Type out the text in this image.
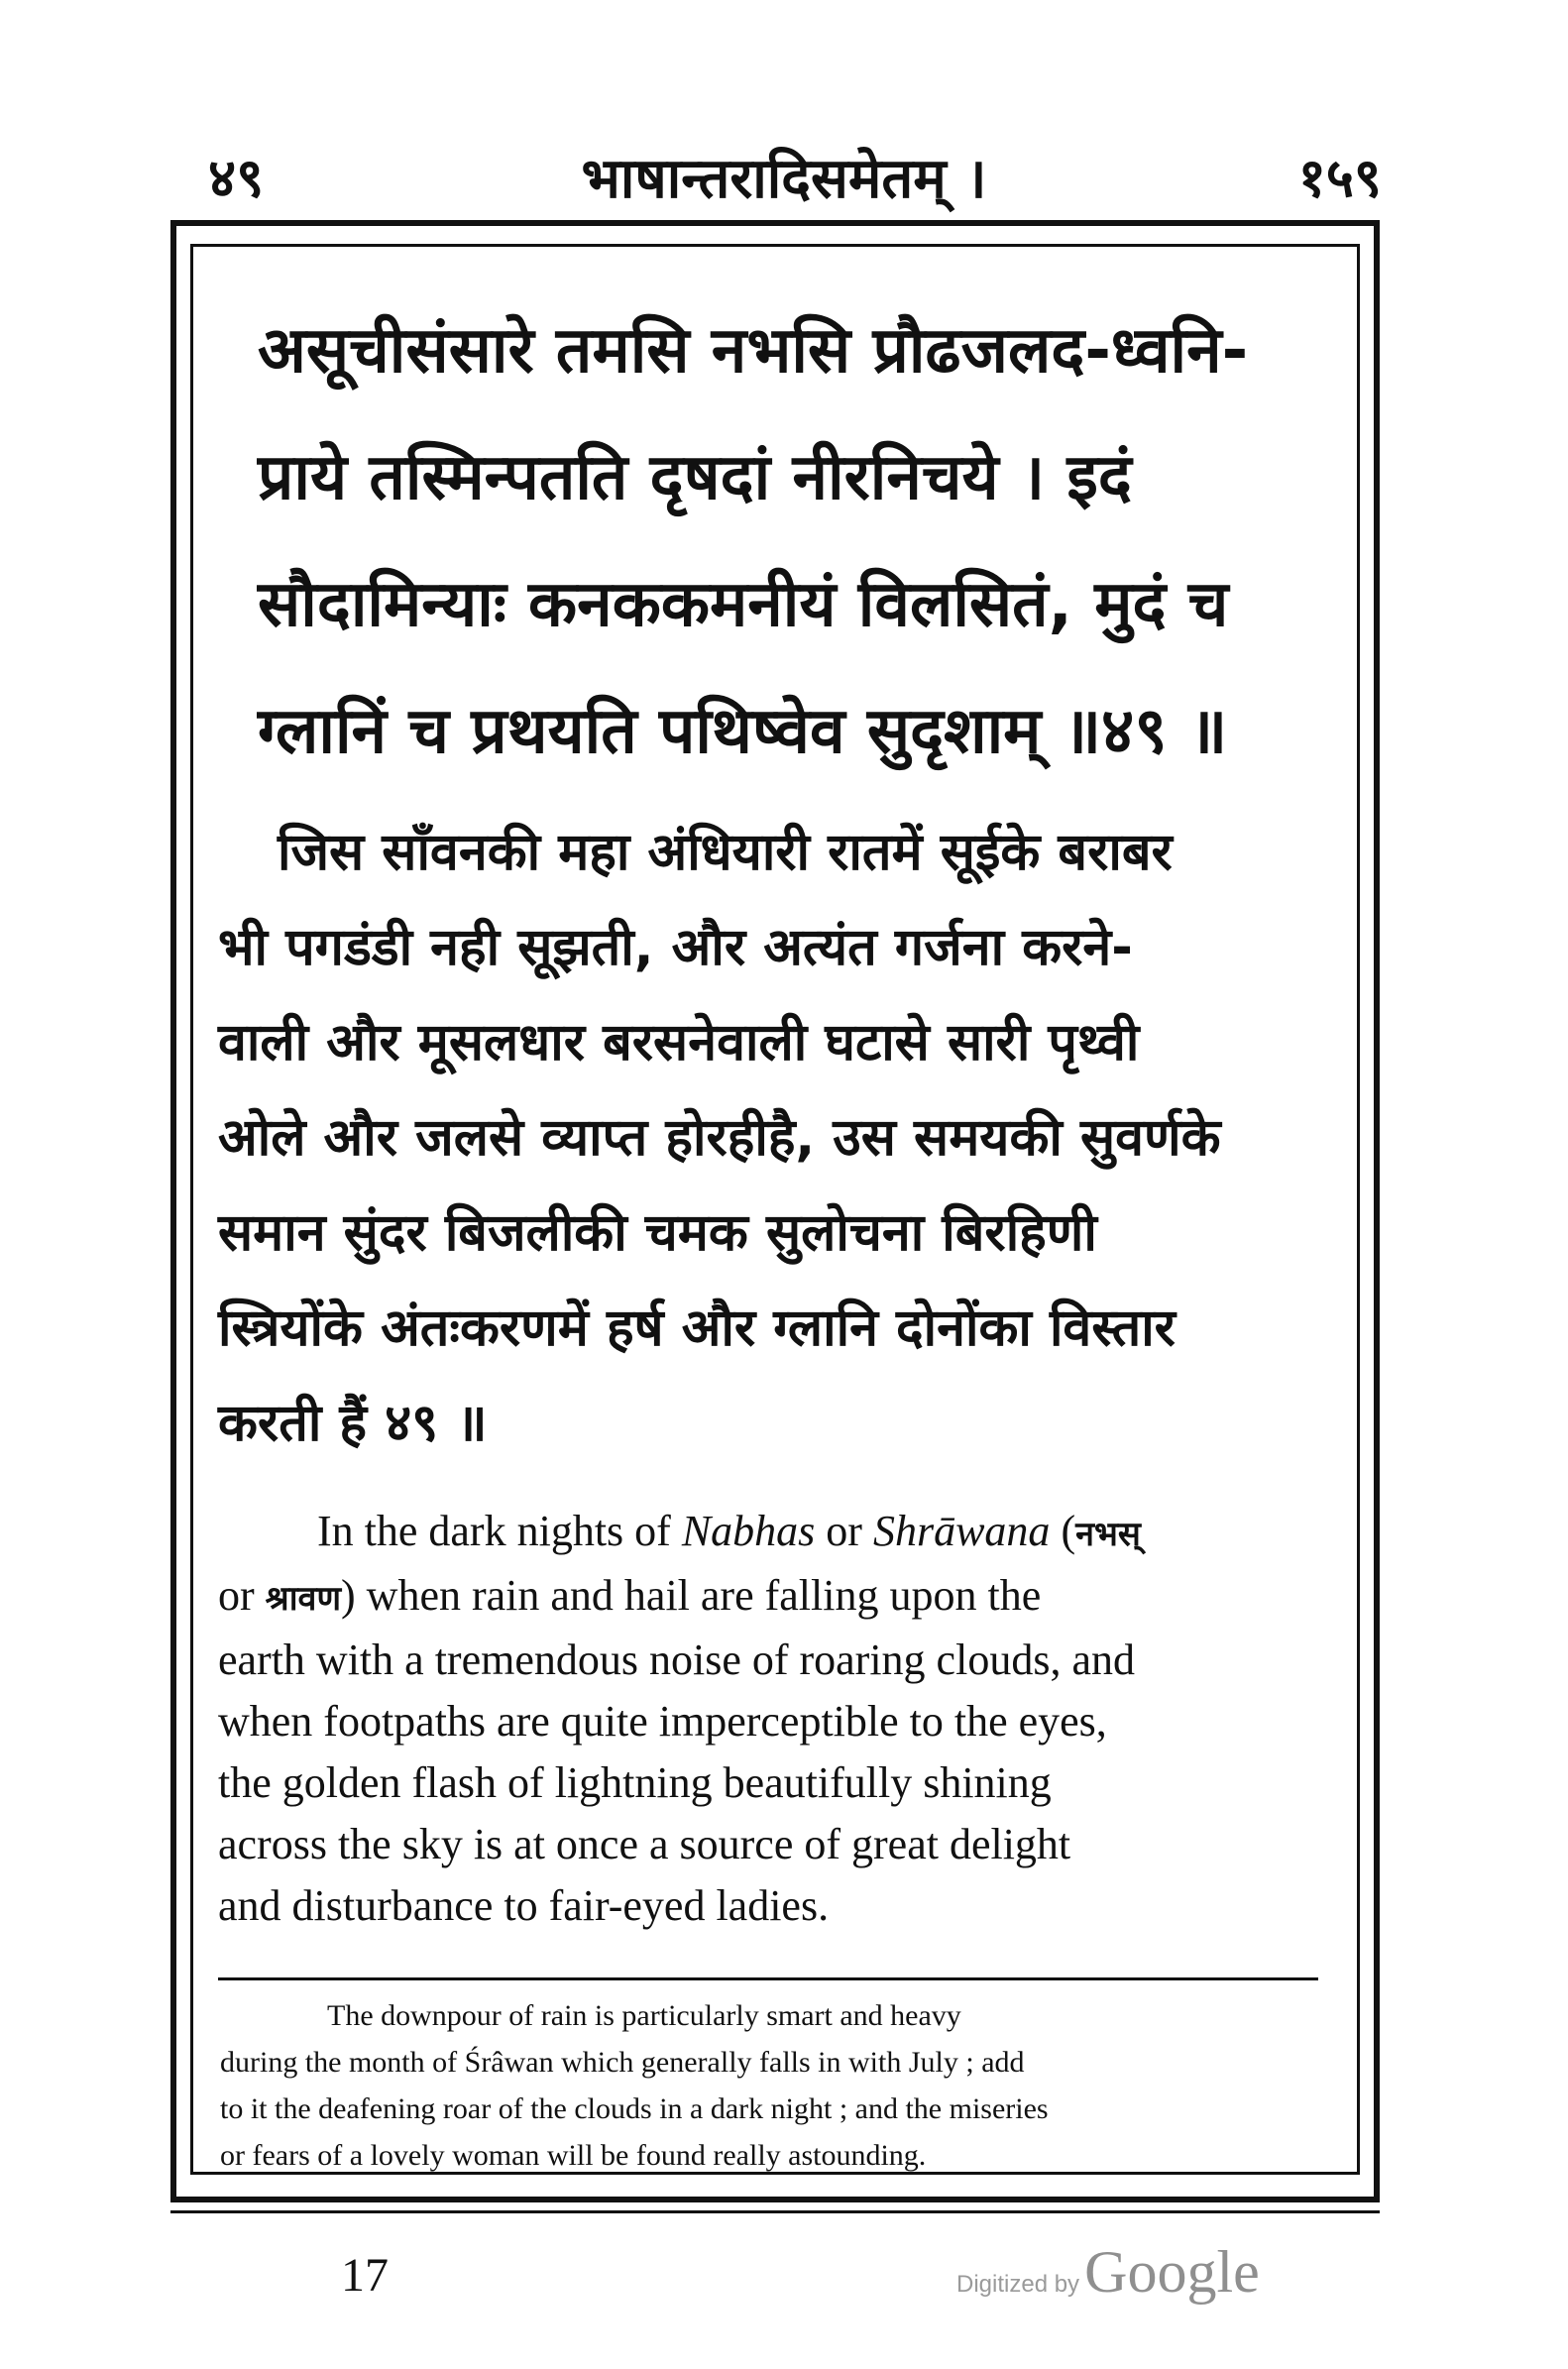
४९	भाषान्तरादिसमेतम् ।	१५९
असूचीसंसारे तमसि नभसि प्रौढजलद-ध्वनि-
प्राये तस्मिन्पतति दृषदां नीरनिचये । इदं
सौदामिन्याः कनककमनीयं विलसितं, मुदं च
ग्लानिं च प्रथयति पथिष्वेव सुदृशाम् ॥४९ ॥
जिस साँवनकी महा अंधियारी रातमें सूईके बराबर
भी पगडंडी नही सूझती, और अत्यंत गर्जना करने-
वाली और मूसलधार बरसनेवाली घटासे सारी पृथ्वी
ओले और जलसे व्याप्त होरहीहै, उस समयकी सुवर्णके
समान सुंदर बिजलीकी चमक सुलोचना बिरहिणी
स्त्रियोंके अंतःकरणमें हर्ष और ग्लानि दोनोंका विस्तार
करती हैं ४९ ॥
In the dark nights of Nabhas or Shrāwana (नभस्
or श्रावण) when rain and hail are falling upon the
earth with a tremendous noise of roaring clouds, and
when footpaths are quite imperceptible to the eyes,
the golden flash of lightning beautifully shining
across the sky is at once a source of great delight
and disturbance to fair-eyed ladies.
The downpour of rain is particularly smart and heavy
during the month of Śrâwan which generally falls in with July ; add
to it the deafening roar of the clouds in a dark night ; and the miseries
or fears of a lovely woman will be found really astounding.
17	Digitized by Google
